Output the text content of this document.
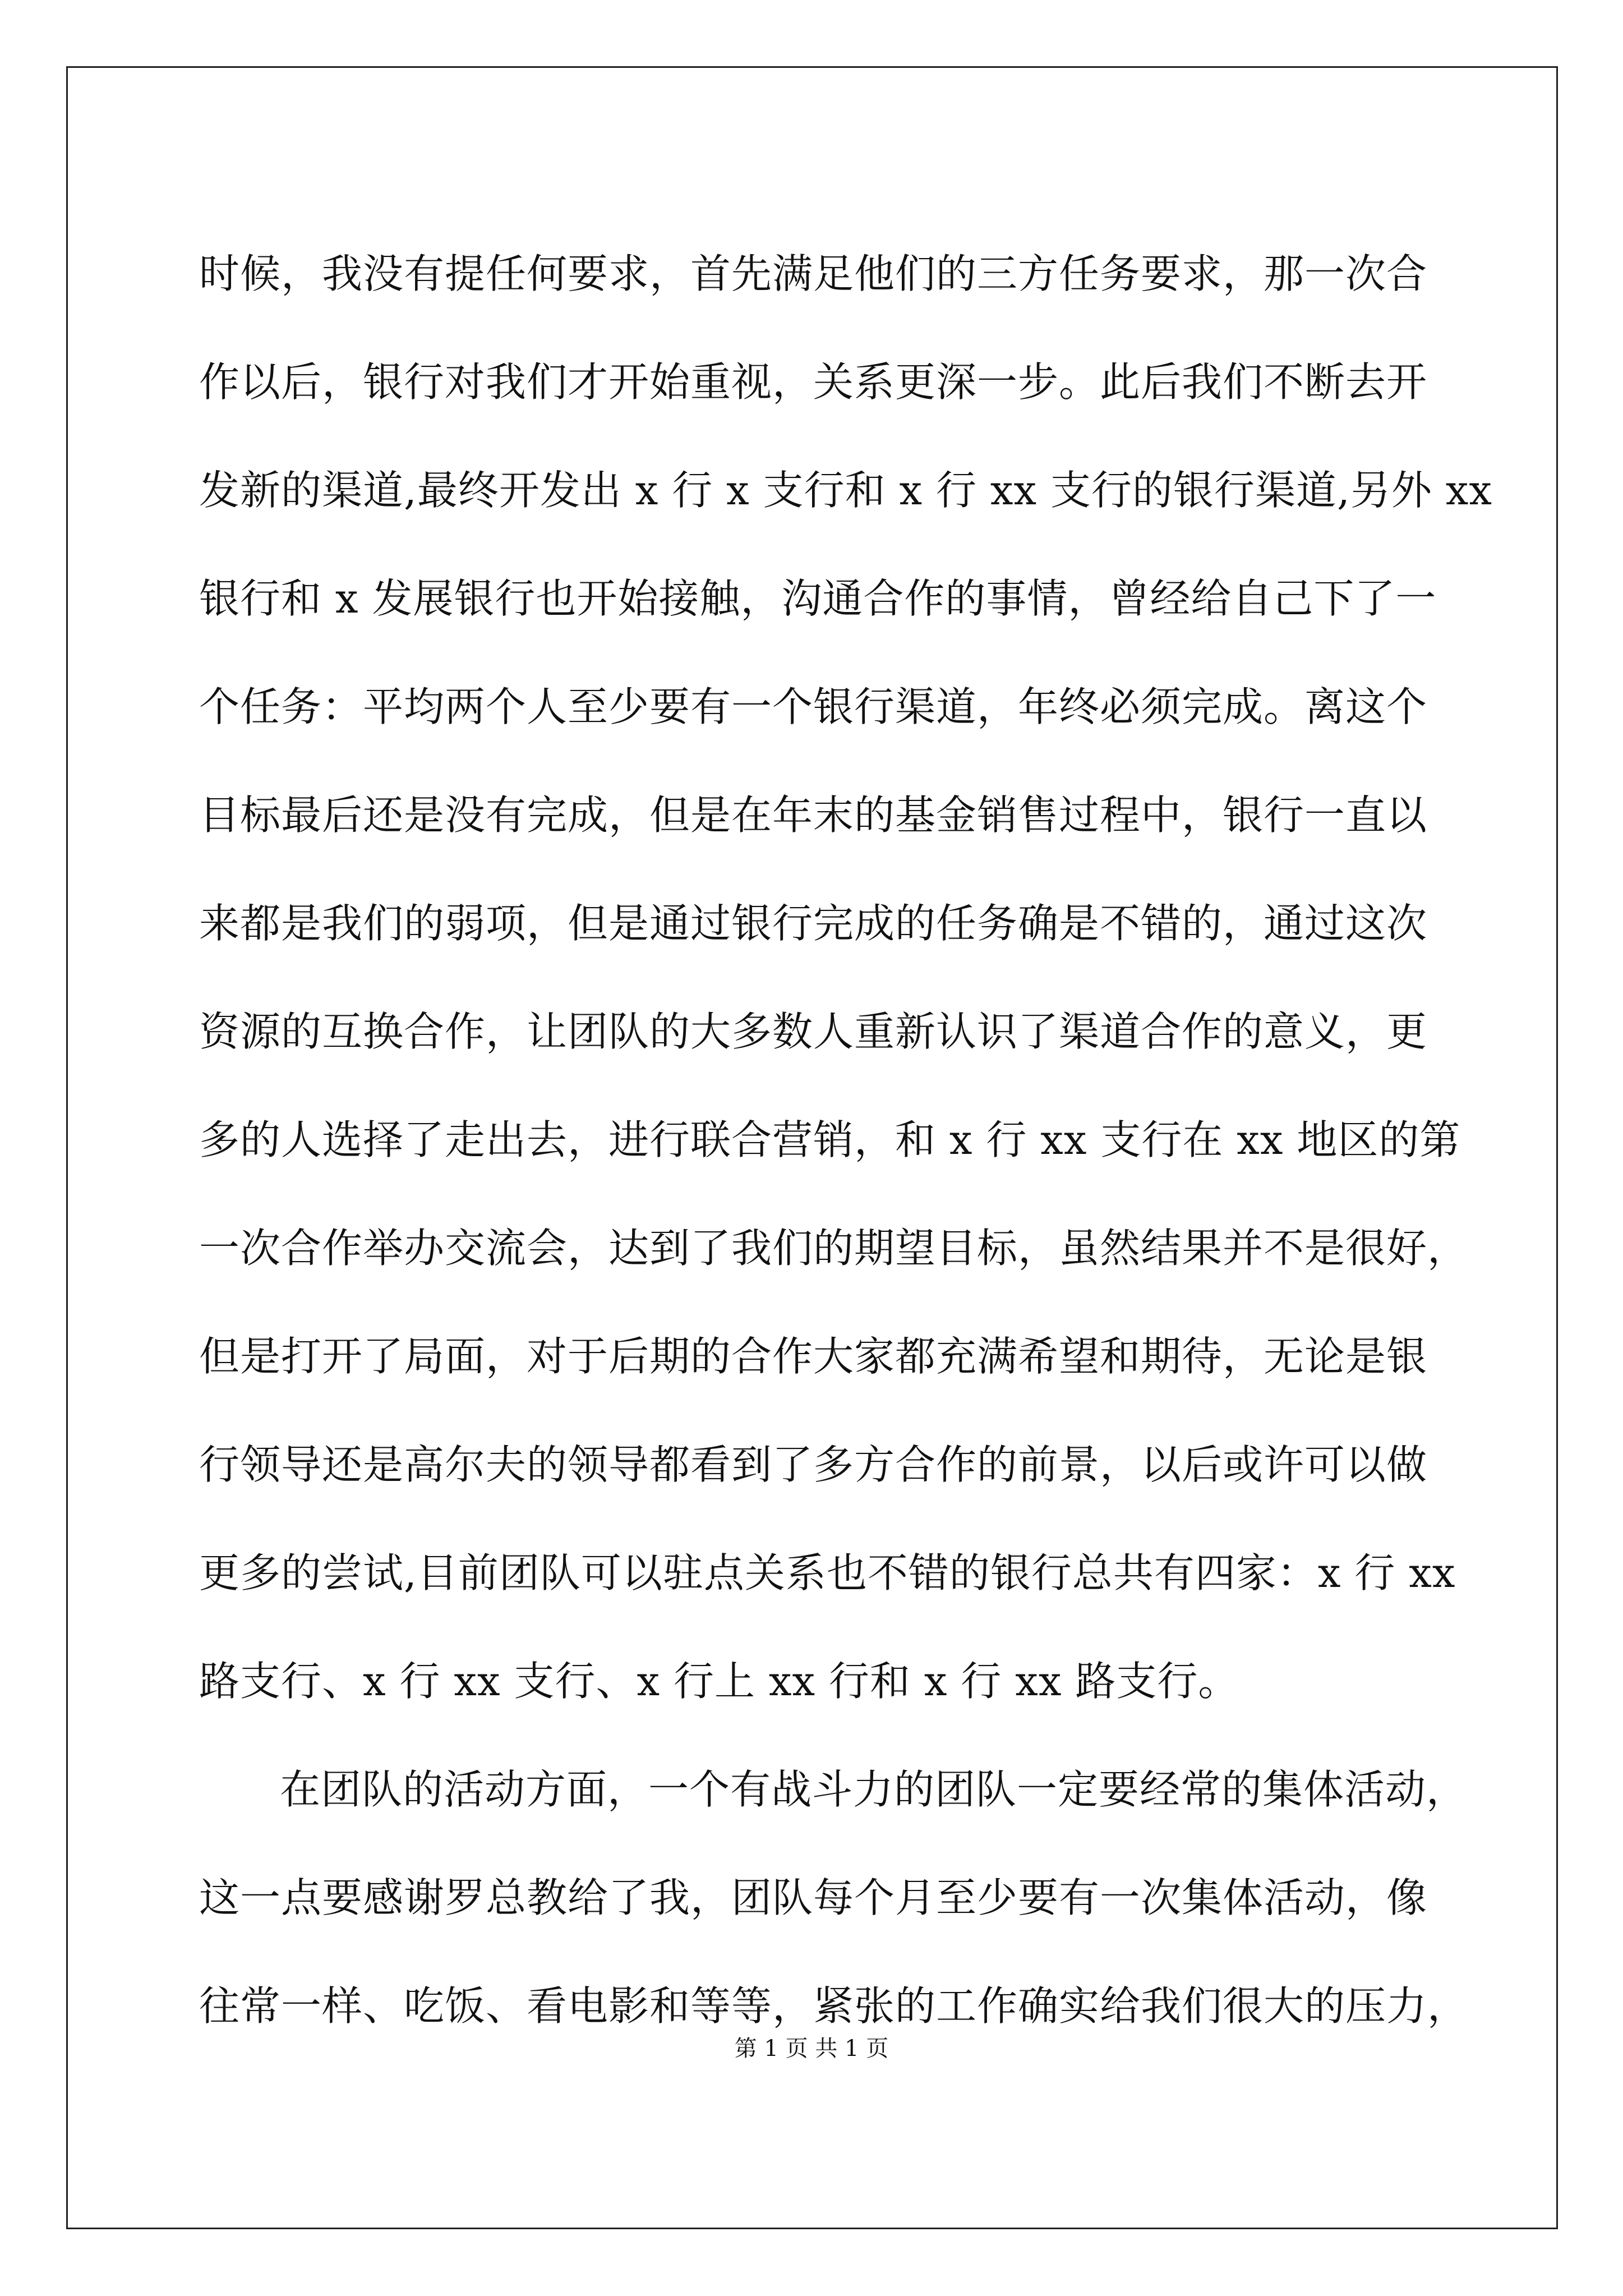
时候，我没有提任何要求，首先满足他们的三方任务要求，那一次合
作以后，银行对我们才开始重视，关系更深一步。此后我们不断去开
发新的渠道,最终开发出 x 行 x 支行和 x 行 xx 支行的银行渠道,另外 xx
银行和 x 发展银行也开始接触，沟通合作的事情，曾经给自己下了一
个任务：平均两个人至少要有一个银行渠道，年终必须完成。离这个
目标最后还是没有完成，但是在年末的基金销售过程中，银行一直以
来都是我们的弱项，但是通过银行完成的任务确是不错的，通过这次
资源的互换合作，让团队的大多数人重新认识了渠道合作的意义，更
多的人选择了走出去，进行联合营销，和 x 行 xx 支行在 xx 地区的第
一次合作举办交流会，达到了我们的期望目标，虽然结果并不是很好，
但是打开了局面，对于后期的合作大家都充满希望和期待，无论是银
行领导还是高尔夫的领导都看到了多方合作的前景，以后或许可以做
更多的尝试,目前团队可以驻点关系也不错的银行总共有四家：x 行 xx
路支行、x 行 xx 支行、x 行上 xx 行和 x 行 xx 路支行。
在团队的活动方面，一个有战斗力的团队一定要经常的集体活动，
这一点要感谢罗总教给了我，团队每个月至少要有一次集体活动，像
往常一样、吃饭、看电影和等等，紧张的工作确实给我们很大的压力，
第 1 页 共 1 页
